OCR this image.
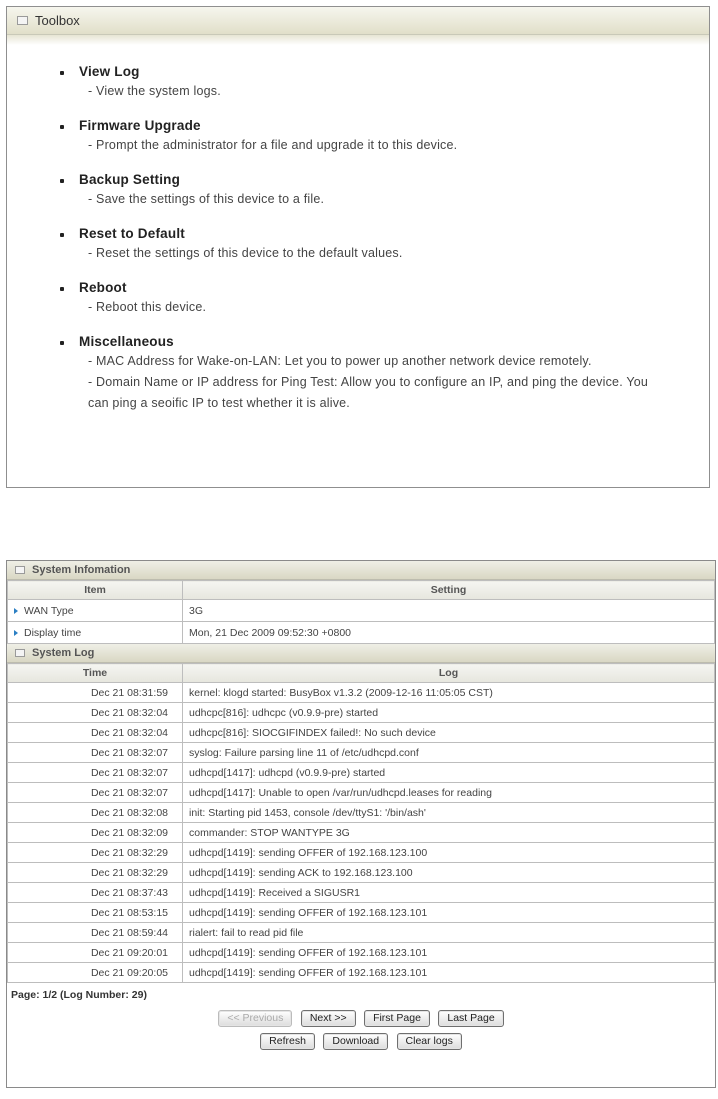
Toolbox
View Log
- View the system logs.
Firmware Upgrade
- Prompt the administrator for a file and upgrade it to this device.
Backup Setting
- Save the settings of this device to a file.
Reset to Default
- Reset the settings of this device to the default values.
Reboot
- Reboot this device.
Miscellaneous
- MAC Address for Wake-on-LAN: Let you to power up another network device remotely.
- Domain Name or IP address for Ping Test: Allow you to configure an IP, and ping the device. You can ping a seoific IP to test whether it is alive.
System Infomation
Item	Setting
WAN Type	3G
Display time	Mon, 21 Dec 2009 09:52:30 +0800
System Log
Time	Log
Dec 21 08:31:59	kernel: klogd started: BusyBox v1.3.2 (2009-12-16 11:05:05 CST)
Dec 21 08:32:04	udhcpc[816]: udhcpc (v0.9.9-pre) started
Dec 21 08:32:04	udhcpc[816]: SIOCGIFINDEX failed!: No such device
Dec 21 08:32:07	syslog: Failure parsing line 11 of /etc/udhcpd.conf
Dec 21 08:32:07	udhcpd[1417]: udhcpd (v0.9.9-pre) started
Dec 21 08:32:07	udhcpd[1417]: Unable to open /var/run/udhcpd.leases for reading
Dec 21 08:32:08	init: Starting pid 1453, console /dev/ttyS1: '/bin/ash'
Dec 21 08:32:09	commander: STOP WANTYPE 3G
Dec 21 08:32:29	udhcpd[1419]: sending OFFER of 192.168.123.100
Dec 21 08:32:29	udhcpd[1419]: sending ACK to 192.168.123.100
Dec 21 08:37:43	udhcpd[1419]: Received a SIGUSR1
Dec 21 08:53:15	udhcpd[1419]: sending OFFER of 192.168.123.101
Dec 21 08:59:44	rialert: fail to read pid file
Dec 21 09:20:01	udhcpd[1419]: sending OFFER of 192.168.123.101
Dec 21 09:20:05	udhcpd[1419]: sending OFFER of 192.168.123.101
Page: 1/2 (Log Number: 29)
<< Previous	Next >>	First Page	Last Page
Refresh	Download	Clear logs
